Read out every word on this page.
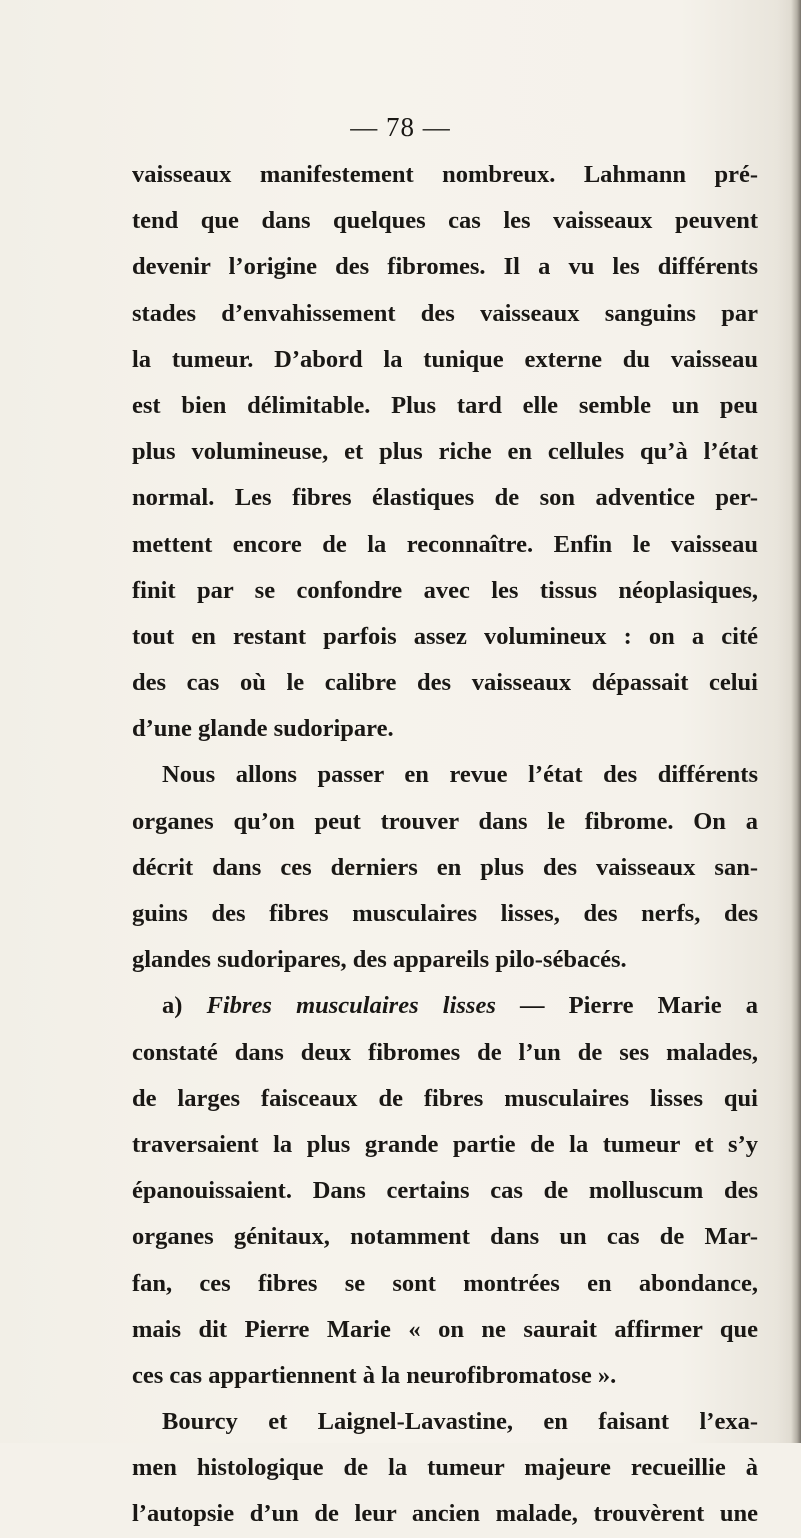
— 78 —
vaisseaux manifestement nombreux. Lahmann pré-
tend que dans quelques cas les vaisseaux peuvent
devenir l’origine des fibromes. Il a vu les différents
stades d’envahissement des vaisseaux sanguins par
la tumeur. D’abord la tunique externe du vaisseau
est bien délimitable. Plus tard elle semble un peu
plus volumineuse, et plus riche en cellules qu’à l’état
normal. Les fibres élastiques de son adventice per-
mettent encore de la reconnaître. Enfin le vaisseau
finit par se confondre avec les tissus néoplasiques,
tout en restant parfois assez volumineux : on a cité
des cas où le calibre des vaisseaux dépassait celui
d’une glande sudoripare.
Nous allons passer en revue l’état des différents
organes qu’on peut trouver dans le fibrome. On a
décrit dans ces derniers en plus des vaisseaux san-
guins des fibres musculaires lisses, des nerfs, des
glandes sudoripares, des appareils pilo-sébacés.
a) Fibres musculaires lisses — Pierre Marie a
constaté dans deux fibromes de l’un de ses malades,
de larges faisceaux de fibres musculaires lisses qui
traversaient la plus grande partie de la tumeur et s’y
épanouissaient. Dans certains cas de molluscum des
organes génitaux, notamment dans un cas de Mar-
fan, ces fibres se sont montrées en abondance,
mais dit Pierre Marie « on ne saurait affirmer que
ces cas appartiennent à la neurofibromatose ».
Bourcy et Laignel-Lavastine, en faisant l’exa-
men histologique de la tumeur majeure recueillie à
l’autopsie d’un de leur ancien malade, trouvèrent une
